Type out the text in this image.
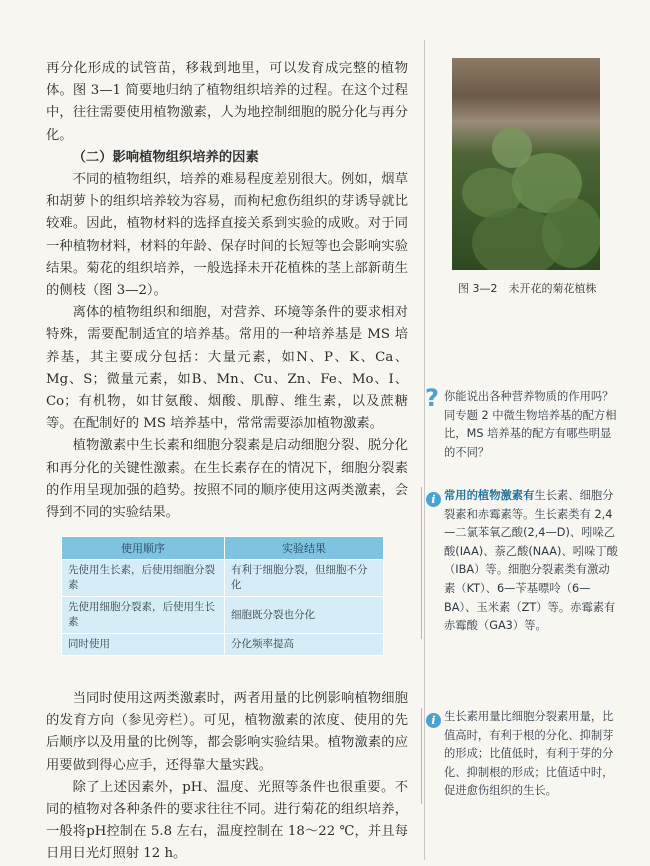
再分化形成的试管苗，移栽到地里，可以发育成完整的植物体。图 3—1 简要地归纳了植物组织培养的过程。在这个过程中，往往需要使用植物激素，人为地控制细胞的脱分化与再分化。

（二）影响植物组织培养的因素

不同的植物组织，培养的难易程度差别很大。例如，烟草和胡萝卜的组织培养较为容易，而枸杞愈伤组织的芽诱导就比较难。因此，植物材料的选择直接关系到实验的成败。对于同一种植物材料，材料的年龄、保存时间的长短等也会影响实验结果。菊花的组织培养，一般选择未开花植株的茎上部新萌生的侧枝（图 3—2）。

离体的植物组织和细胞，对营养、环境等条件的要求相对特殊，需要配制适宜的培养基。常用的一种培养基是 MS 培养基，其主要成分包括：大量元素，如N、P、K、Ca、Mg、S；微量元素，如B、Mn、Cu、Zn、Fe、Mo、I、Co；有机物，如甘氨酸、烟酸、肌醇、维生素，以及蔗糖等。在配制好的 MS 培养基中，常常需要添加植物激素。

植物激素中生长素和细胞分裂素是启动细胞分裂、脱分化和再分化的关键性激素。在生长素存在的情况下，细胞分裂素的作用呈现加强的趋势。按照不同的顺序使用这两类激素，会得到不同的实验结果。

使用顺序	实验结果
先使用生长素，后使用细胞分裂素	有利于细胞分裂，但细胞不分化
先使用细胞分裂素，后使用生长素	细胞既分裂也分化
同时使用	分化频率提高

当同时使用这两类激素时，两者用量的比例影响植物细胞的发育方向（参见旁栏）。可见，植物激素的浓度、使用的先后顺序以及用量的比例等，都会影响实验结果。植物激素的应用要做到得心应手，还得靠大量实践。

除了上述因素外，pH、温度、光照等条件也很重要。不同的植物对各种条件的要求往往不同。进行菊花的组织培养，一般将pH控制在 5.8 左右，温度控制在 18～22 ℃，并且每日用日光灯照射 12 h。

图 3—2　未开花的菊花植株
? 你能说出各种营养物质的作用吗？同专题 2 中微生物培养基的配方相比，MS 培养基的配方有哪些明显的不同？

i 常用的植物激素有生长素、细胞分裂素和赤霉素等。生长素类有 2,4—二氯苯氧乙酸(2,4—D)、吲哚乙酸(IAA)、萘乙酸(NAA)、吲哚丁酸（IBA）等。细胞分裂素类有激动素（KT）、6—苄基嘌呤（6—BA）、玉米素（ZT）等。赤霉素有赤霉酸（GA3）等。

i 生长素用量比细胞分裂素用量，比值高时，有利于根的分化、抑制芽的形成；比值低时，有利于芽的分化、抑制根的形成；比值适中时，促进愈伤组织的生长。
